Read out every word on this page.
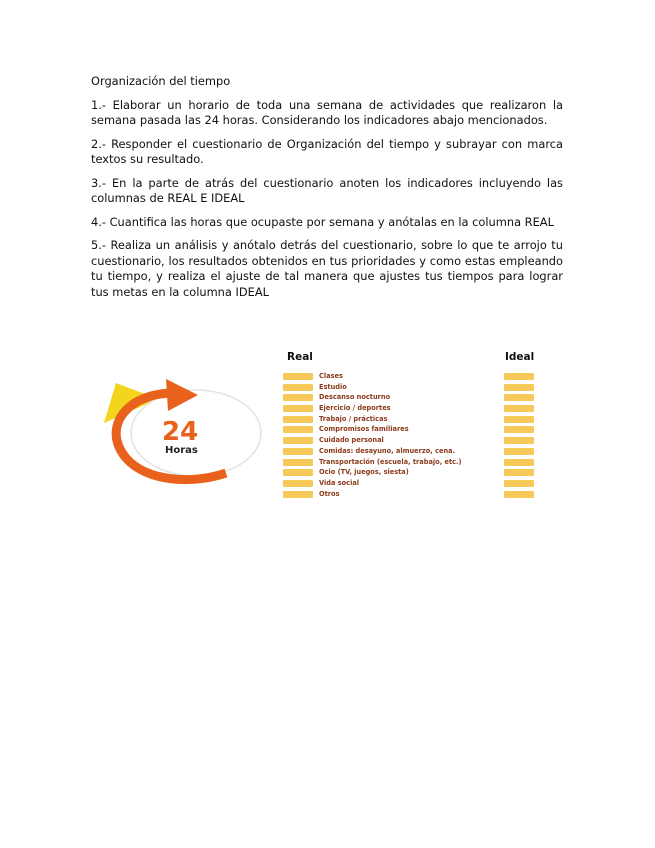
Organización del tiempo

1.- Elaborar un horario de toda una semana de actividades que realizaron la semana pasada las 24 horas. Considerando los indicadores abajo mencionados.

2.- Responder el cuestionario de Organización del tiempo y subrayar con marca textos su resultado.

3.- En la parte de atrás del cuestionario anoten los indicadores incluyendo las columnas de REAL E IDEAL

4.- Cuantifica las horas que ocupaste por semana y anótalas en la columna REAL

5.- Realiza un análisis y anótalo detrás del cuestionario, sobre lo que te arrojo tu cuestionario, los resultados obtenidos en tus prioridades y como estas empleando tu tiempo, y realiza el ajuste de tal manera que ajustes tus tiempos para lograr tus metas en la columna IDEAL

24
Horas
Real	Ideal
Clases
Estudio
Descanso nocturno
Ejercicio / deportes
Trabajo / prácticas
Compromisos familiares
Cuidado personal
Comidas: desayuno, almuerzo, cena.
Transportación (escuela, trabajo, etc.)
Ocio (TV, juegos, siesta)
Vida social
Otros
